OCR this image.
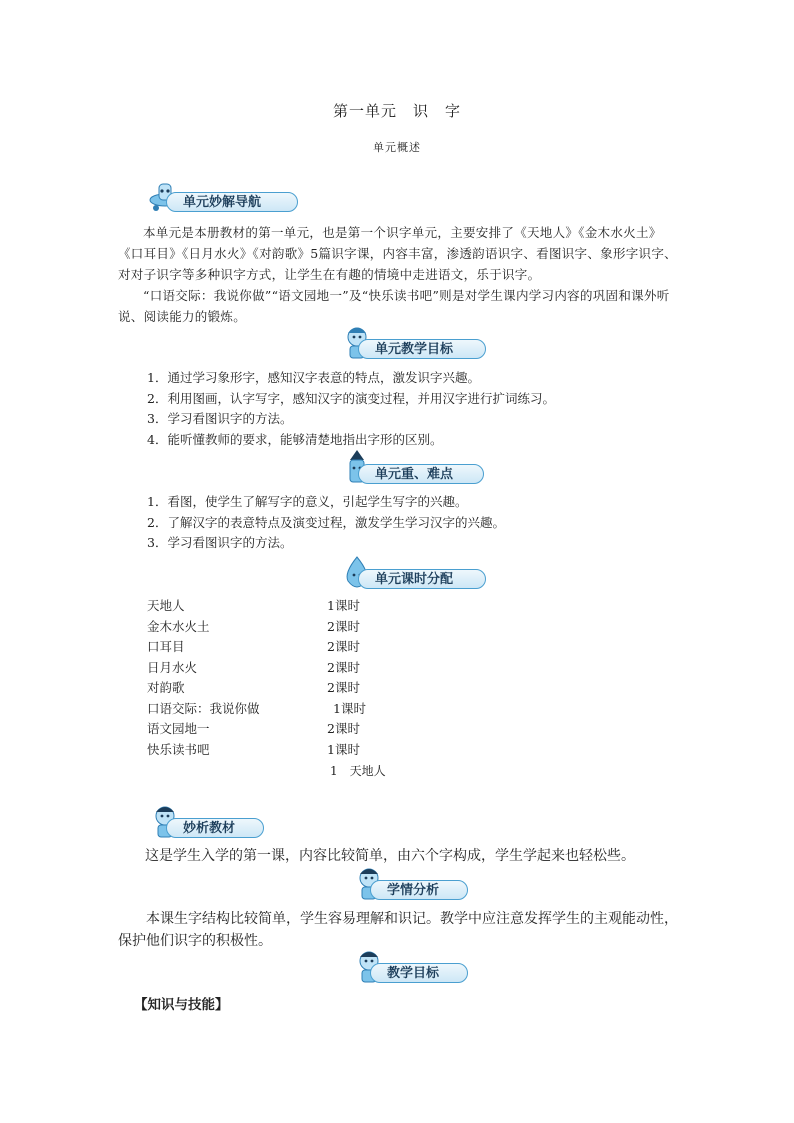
第一单元　识　字
单元概述
单元妙解导航
本单元是本册教材的第一单元，也是第一个识字单元，主要安排了《天地人》《金木水火土》《口耳目》《日月水火》《对韵歌》5篇识字课，内容丰富，渗透韵语识字、看图识字、象形字识字、对对子识字等多种识字方式，让学生在有趣的情境中走进语文，乐于识字。
“口语交际：我说你做”“语文园地一”及“快乐读书吧”则是对学生课内学习内容的巩固和课外听说、阅读能力的锻炼。
单元教学目标
1．通过学习象形字，感知汉字表意的特点，激发识字兴趣。
2．利用图画，认字写字，感知汉字的演变过程，并用汉字进行扩词练习。
3．学习看图识字的方法。
4．能听懂教师的要求，能够清楚地指出字形的区别。
单元重、难点
1．看图，使学生了解写字的意义，引起学生写字的兴趣。
2．了解汉字的表意特点及演变过程，激发学生学习汉字的兴趣。
3．学习看图识字的方法。
单元课时分配
天地人	1课时
金木水火土	2课时
口耳目	2课时
日月水火	2课时
对韵歌	2课时
口语交际：我说你做	1课时
语文园地一	2课时
快乐读书吧	1课时
1　天地人
妙析教材
这是学生入学的第一课，内容比较简单，由六个字构成，学生学起来也轻松些。
学情分析
本课生字结构比较简单，学生容易理解和识记。教学中应注意发挥学生的主观能动性，保护他们识字的积极性。
教学目标
【知识与技能】
